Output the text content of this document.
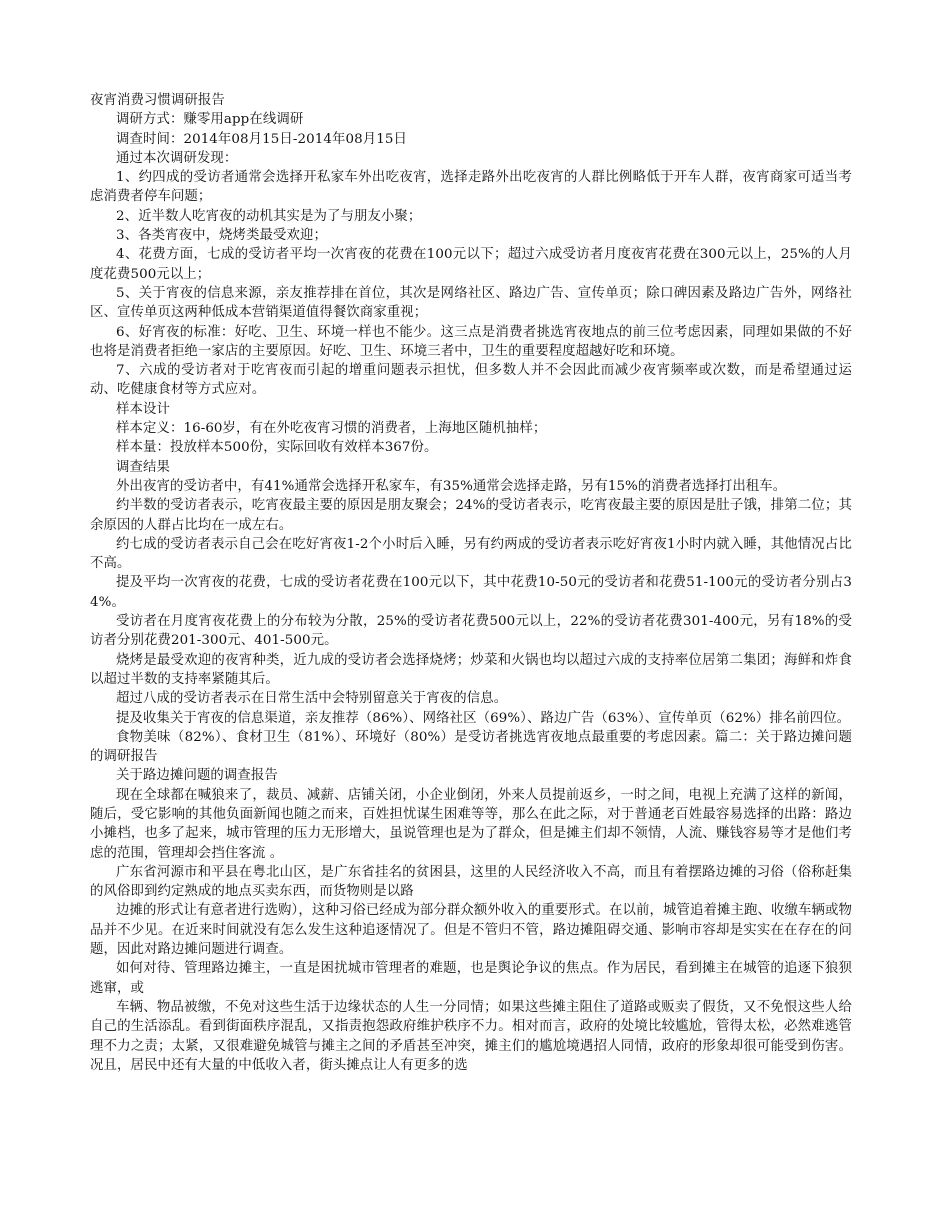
夜宵消费习惯调研报告
调研方式：赚零用app在线调研
调查时间：2014年08月15日-2014年08月15日
通过本次调研发现：
1、约四成的受访者通常会选择开私家车外出吃夜宵，选择走路外出吃夜宵的人群比例略低于开车人群，夜宵商家可适当考虑消费者停车问题；
2、近半数人吃宵夜的动机其实是为了与朋友小聚；
3、各类宵夜中，烧烤类最受欢迎；
4、花费方面，七成的受访者平均一次宵夜的花费在100元以下；超过六成受访者月度夜宵花费在300元以上，25%的人月度花费500元以上；
5、关于宵夜的信息来源，亲友推荐排在首位，其次是网络社区、路边广告、宣传单页；除口碑因素及路边广告外，网络社区、宣传单页这两种低成本营销渠道值得餐饮商家重视；
6、好宵夜的标准：好吃、卫生、环境一样也不能少。这三点是消费者挑选宵夜地点的前三位考虑因素，同理如果做的不好也将是消费者拒绝一家店的主要原因。好吃、卫生、环境三者中，卫生的重要程度超越好吃和环境。
7、六成的受访者对于吃宵夜而引起的增重问题表示担忧，但多数人并不会因此而减少夜宵频率或次数，而是希望通过运动、吃健康食材等方式应对。
样本设计
样本定义：16-60岁，有在外吃夜宵习惯的消费者，上海地区随机抽样；
样本量：投放样本500份，实际回收有效样本367份。
调查结果
外出夜宵的受访者中，有41%通常会选择开私家车，有35%通常会选择走路，另有15%的消费者选择打出租车。
约半数的受访者表示，吃宵夜最主要的原因是朋友聚会；24%的受访者表示，吃宵夜最主要的原因是肚子饿，排第二位；其余原因的人群占比均在一成左右。
约七成的受访者表示自己会在吃好宵夜1-2个小时后入睡，另有约两成的受访者表示吃好宵夜1小时内就入睡，其他情况占比不高。
提及平均一次宵夜的花费，七成的受访者花费在100元以下，其中花费10-50元的受访者和花费51-100元的受访者分别占34%。
受访者在月度宵夜花费上的分布较为分散，25%的受访者花费500元以上，22%的受访者花费301-400元，另有18%的受访者分别花费201-300元、401-500元。
烧烤是最受欢迎的夜宵种类，近九成的受访者会选择烧烤；炒菜和火锅也均以超过六成的支持率位居第二集团；海鲜和炸食以超过半数的支持率紧随其后。
超过八成的受访者表示在日常生活中会特别留意关于宵夜的信息。
提及收集关于宵夜的信息渠道，亲友推荐（86%）、网络社区（69%）、路边广告（63%）、宣传单页（62%）排名前四位。
食物美味（82%）、食材卫生（81%）、环境好（80%）是受访者挑选宵夜地点最重要的考虑因素。篇二：关于路边摊问题的调研报告
关于路边摊问题的调查报告
现在全球都在喊狼来了，裁员、减薪、店铺关闭，小企业倒闭，外来人员提前返乡，一时之间，电视上充满了这样的新闻，随后，受它影响的其他负面新闻也随之而来，百姓担忧谋生困难等等，那么在此之际，对于普通老百姓最容易选择的出路：路边小摊档，也多了起来，城市管理的压力无形增大，虽说管理也是为了群众，但是摊主们却不领情，人流、赚钱容易等才是他们考虑的范围，管理却会挡住客流 。
广东省河源市和平县在粤北山区，是广东省挂名的贫困县，这里的人民经济收入不高，而且有着摆路边摊的习俗（俗称赶集的风俗即到约定熟成的地点买卖东西，而货物则是以路
边摊的形式让有意者进行选购），这种习俗已经成为部分群众额外收入的重要形式。在以前，城管追着摊主跑、收缴车辆或物品并不少见。在近来时间就没有怎么发生这种追逐情况了。但是不管归不管，路边摊阻碍交通、影响市容却是实实在在存在的问题，因此对路边摊问题进行调查。
如何对待、管理路边摊主，一直是困扰城市管理者的难题，也是舆论争议的焦点。作为居民，看到摊主在城管的追逐下狼狈逃窜，或
车辆、物品被缴，不免对这些生活于边缘状态的人生一分同情；如果这些摊主阻住了道路或贩卖了假货，又不免恨这些人给自己的生活添乱。看到街面秩序混乱，又指责抱怨政府维护秩序不力。相对而言，政府的处境比较尴尬，管得太松，必然难逃管理不力之责；太紧，又很难避免城管与摊主之间的矛盾甚至冲突，摊主们的尴尬境遇招人同情，政府的形象却很可能受到伤害。况且，居民中还有大量的中低收入者，街头摊点让人有更多的选
